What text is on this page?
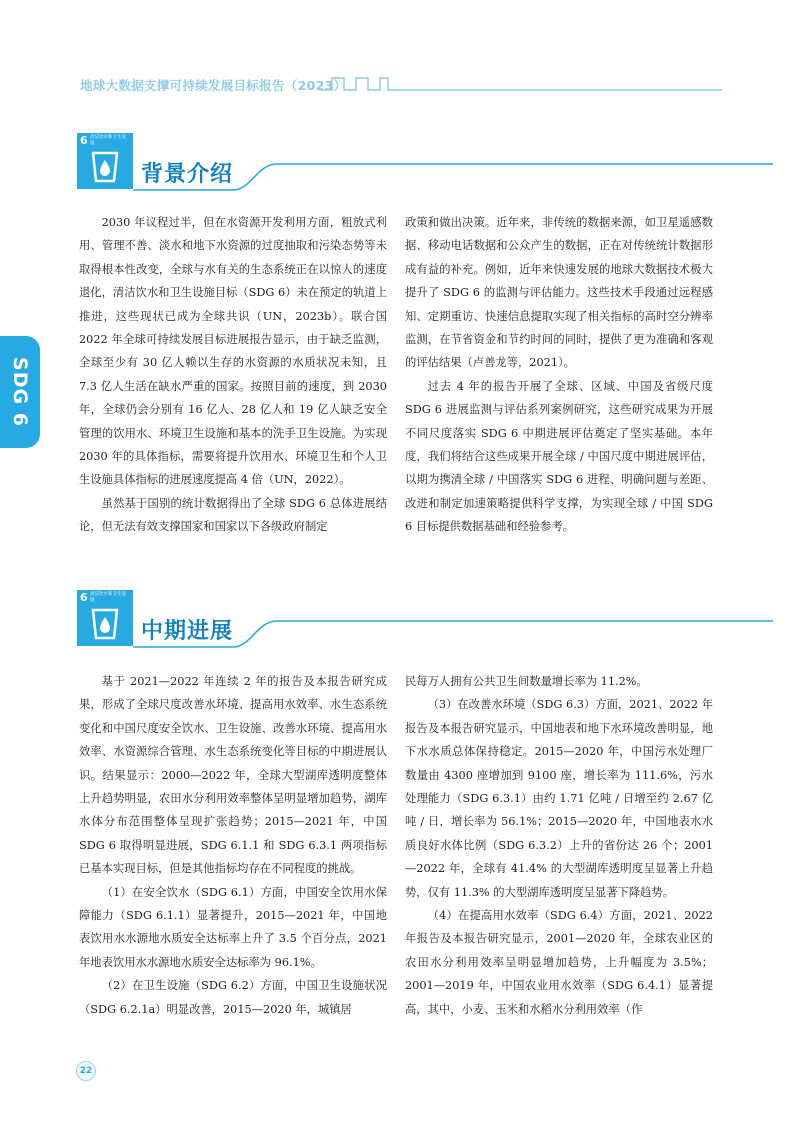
地球大数据支撑可持续发展目标报告（2023）
SDG 6
6 清洁饮水和卫生设施
背景介绍

2030 年议程过半，但在水资源开发利用方面，粗放式利用、管理不善、淡水和地下水资源的过度抽取和污染态势等未取得根本性改变，全球与水有关的生态系统正在以惊人的速度退化，清洁饮水和卫生设施目标（SDG 6）未在预定的轨道上推进，这些现状已成为全球共识（UN，2023b）。联合国 2022 年全球可持续发展目标进展报告显示，由于缺乏监测，全球至少有 30 亿人赖以生存的水资源的水质状况未知，且 7.3 亿人生活在缺水严重的国家。按照目前的速度，到 2030 年，全球仍会分别有 16 亿人、28 亿人和 19 亿人缺乏安全管理的饮用水、环境卫生设施和基本的洗手卫生设施。为实现 2030 年的具体指标，需要将提升饮用水、环境卫生和个人卫生设施具体指标的进展速度提高 4 倍（UN，2022）。

虽然基于国别的统计数据得出了全球 SDG 6 总体进展结论，但无法有效支撑国家和国家以下各级政府制定

政策和做出决策。近年来，非传统的数据来源，如卫星遥感数据、移动电话数据和公众产生的数据，正在对传统统计数据形成有益的补充。例如，近年来快速发展的地球大数据技术极大提升了 SDG 6 的监测与评估能力。这些技术手段通过远程感知、定期重访、快速信息提取实现了相关指标的高时空分辨率监测，在节省资金和节约时间的同时，提供了更为准确和客观的评估结果（卢善龙等，2021）。

过去 4 年的报告开展了全球、区域、中国及省级尺度 SDG 6 进展监测与评估系列案例研究，这些研究成果为开展不同尺度落实 SDG 6 中期进展评估奠定了坚实基础。本年度，我们将结合这些成果开展全球 / 中国尺度中期进展评估，以期为携清全球 / 中国落实 SDG 6 进程、明确问题与差距、改进和制定加速策略提供科学支撑，为实现全球 / 中国 SDG 6 目标提供数据基础和经验参考。

6 清洁饮水和卫生设施
中期进展

基于 2021—2022 年连续 2 年的报告及本报告研究成果，形成了全球尺度改善水环境、提高用水效率、水生态系统变化和中国尺度安全饮水、卫生设施、改善水环境、提高用水效率、水资源综合管理、水生态系统变化等目标的中期进展认识。结果显示：2000—2022 年，全球大型湖库透明度整体上升趋势明显，农田水分利用效率整体呈明显增加趋势，湖库水体分布范围整体呈现扩张趋势；2015—2021 年，中国 SDG 6 取得明显进展，SDG 6.1.1 和 SDG 6.3.1 两项指标已基本实现目标，但是其他指标均存在不同程度的挑战。

（1）在安全饮水（SDG 6.1）方面，中国安全饮用水保障能力（SDG 6.1.1）显著提升，2015—2021 年，中国地表饮用水水源地水质安全达标率上升了 3.5 个百分点，2021 年地表饮用水水源地水质安全达标率为 96.1%。

（2）在卫生设施（SDG 6.2）方面，中国卫生设施状况（SDG 6.2.1a）明显改善，2015—2020 年，城镇居

民每万人拥有公共卫生间数量增长率为 11.2%。

（3）在改善水环境（SDG 6.3）方面，2021、2022 年报告及本报告研究显示，中国地表和地下水环境改善明显，地下水水质总体保持稳定。2015—2020 年，中国污水处理厂数量由 4300 座增加到 9100 座，增长率为 111.6%，污水处理能力（SDG 6.3.1）由约 1.71 亿吨 / 日增至约 2.67 亿吨 / 日，增长率为 56.1%；2015—2020 年，中国地表水水质良好水体比例（SDG 6.3.2）上升的省份达 26 个；2001—2022 年，全球有 41.4% 的大型湖库透明度呈显著上升趋势，仅有 11.3% 的大型湖库透明度呈显著下降趋势。

（4）在提高用水效率（SDG 6.4）方面，2021、2022 年报告及本报告研究显示，2001—2020 年，全球农业区的农田水分利用效率呈明显增加趋势，上升幅度为 3.5%；2001—2019 年，中国农业用水效率（SDG 6.4.1）显著提高，其中，小麦、玉米和水稻水分利用效率（作

22
